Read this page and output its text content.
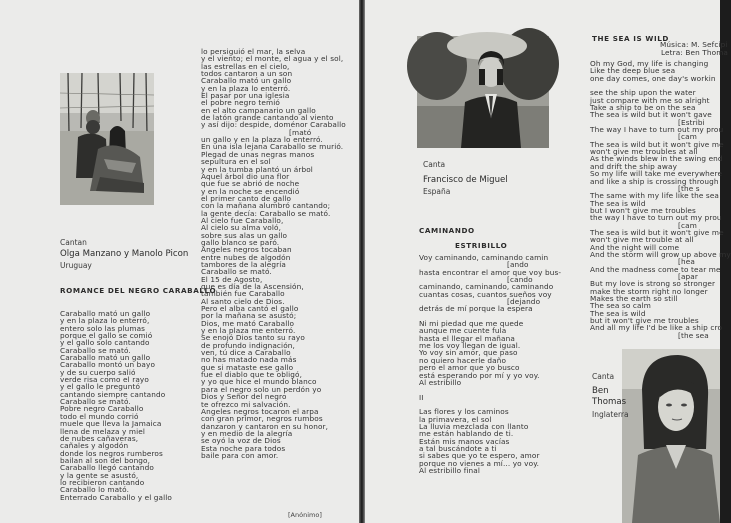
Cantan
Olga Manzano y Manolo Picon
Uruguay
ROMANCE DEL NEGRO CARABALLO
Caraballo mató un gallo
y en la plaza lo enterró,
entero solo las plumas
porque el gallo se comió
y el gallo solo cantando
Caraballo se mató.
Caraballo mató un gallo
Caraballo montó un bayo
y de su cuerpo salió
verde risa como el rayo
y el gallo le preguntó
cantando siempre cantando
Caraballo se mató.
Pobre negro Caraballo
todo el mundo corrió
muele que lleva la Jamaica
llena de melaza y miel
de nubes cañaveras,
cañales y algodón
donde los negros rumberos
bailan al son del bongo,
Caraballo llegó cantando
y la gente se asustó,
lo recibieron cantando
Caraballo lo mató.
Enterrado Caraballo y el gallo
lo persiguió el mar, la selva
y el viento; el monte, el agua y el sol,
las estrellas en el cielo,
todos cantaron a un son
Caraballo mató un gallo
y en la plaza lo enterró.
El pasar por una iglesia
el pobre negro temió
en el alto campanario un gallo
de latón grande cantando al viento
y así dijo: despide, doménor Caraballo
[mató
un gallo y en la plaza lo enterró.
En una isla lejana Caraballo se murió.
Plegad de unas negras manos
sepultura en el sol
y en la tumba plantó un árbol
Aquel árbol dio una flor
que fue se abrió de noche
y en la noche se encendió
el primer canto de gallo
con la mañana alumbró cantando;
la gente decía: Caraballo se mató.
Al cielo fue Caraballo,
Al cielo su alma voló,
sobre sus alas un gallo
gallo blanco se paró.
Angeles negros tocaban
entre nubes de algodón
tambores de la alegría
Caraballo se mató.
El 15 de Agosto,
que es día de la Ascensión,
también fue Caraballo
Al santo cielo de Dios.
Pero el alba cantó el gallo
por la mañana se asustó;
Dios, me mató Caraballo
y en la plaza me enterró.
Se enojó Dios tanto su rayo
de profundo indignación,
ven, tú dice a Caraballo
no has matado nada más
que si mataste ese gallo
fue el diablo que te obligó,
y yo que hice el mundo blanco
para el negro solo un perdón yo
Dios y Señor del negro
te ofrezco mi salvación.
Angeles negros tocaron el arpa
con gran primor, negros rumbos
danzaron y cantaron en su honor,
y en medio de la alegría
se oyó la voz de Dios
Esta noche para todos
baile para con amor.
[Anónimo]
Canta
Francisco de Miguel
España
CAMINANDO
ESTRIBILLO
Voy caminando, caminando camin
[ando
hasta encontrar el amor que voy bus-
[cando
caminando, caminando, caminando
cuantas cosas, cuantos sueños voy
[dejando
detrás de mí porque la espera

Ni mi piedad que me quede
aunque me cuente fula
hasta el llegar el mañana
me los voy llegan de igual.
Yo voy sin amor, que paso
no quiero hacerle daño
pero el amor que yo busco
está esperando por mí y yo voy.
Al estribillo

II

Las flores y los caminos
la primavera, el sol
La lluvia mezclada con llanto
me están hablando de ti.
Están mis manos vacías
a tal buscándote a ti
si sabes que yo te espero, amor
porque no vienes a mí... yo voy.
Al estribillo final
THE SEA IS WILD
Música: M. Sefcipi
Letra: Ben Thoma
Oh my God, my life is changing
Like the deep blue sea
one day comes, one day's workin

see the ship upon the water
just compare with me so alright
Take a ship to be on the sea
The sea is wild but it won't gave
[Estribi
The way I have to turn out my prou
[cam
The sea is wild but it won't give me
won't give me troubles at all
As the winds blew in the swing end
and drift the ship away
So my life will take me everywhere
and like a ship is crossing through
[the s
The same with my life like the sea
The sea is wild
but I won't give me troubles
the way I have to turn out my prou
[cam
The sea is wild but it won't give me
won't give me trouble at all
And the night will come
And the storm will grow up above my
[hea
And the madness come to tear me
[apar
But my love is strong so stronger
make the storm right no longer
Makes the earth so still
The sea so calm
The sea is wild
but it won't give me troubles
And all my life I'd be like a ship cro
[the sea
Canta
Ben
Thomas
Inglaterra
